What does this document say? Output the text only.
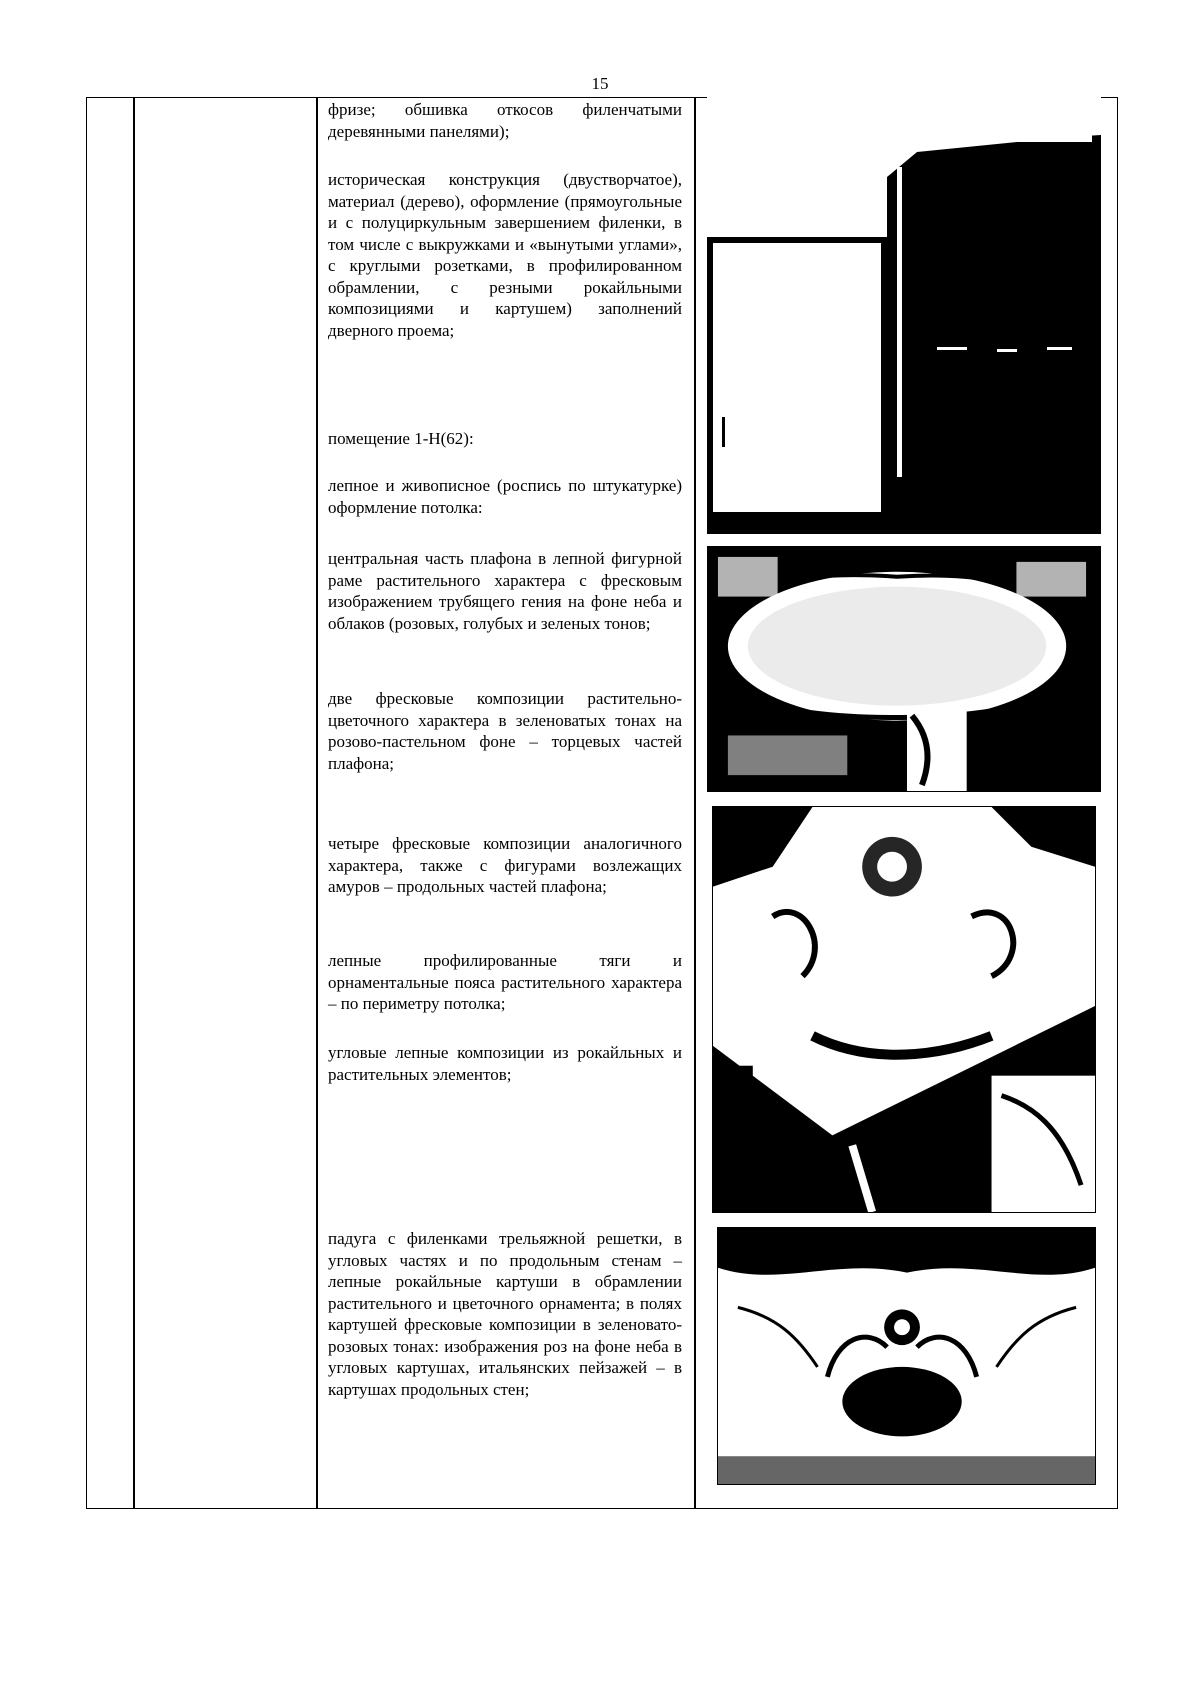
15
фризе; обшивка откосов филенчатыми деревянными панелями);
историческая конструкция (двустворчатое), материал (дерево), оформление (прямоугольные и с полуциркульным завершением филенки, в том числе с выкружками и «вынутыми углами», с круглыми розетками, в профилированном обрамлении, с резными рокайльными композициями и картушем) заполнений дверного проема;
помещение 1-Н(62):
лепное и живописное (роспись по штукатурке) оформление потолка:
центральная часть плафона в лепной фигурной раме растительного характера с фресковым изображением трубящего гения на фоне неба и облаков (розовых, голубых и зеленых тонов;
две фресковые композиции растительно-цветочного характера в зеленоватых тонах на розово-пастельном фоне – торцевых частей плафона;
четыре фресковые композиции аналогичного характера, также с фигурами возлежащих амуров – продольных частей плафона;
лепные профилированные тяги и орнаментальные пояса растительного характера – по периметру потолка;
угловые лепные композиции из рокайльных и растительных элементов;
падуга с филенками трельяжной решетки, в угловых частях и по продольным стенам – лепные рокайльные картуши в обрамлении растительного и цветочного орнамента; в полях картушей фресковые композиции в зеленовато-розовых тонах: изображения роз на фоне неба в угловых картушах, итальянских пейзажей – в картушах продольных стен;
